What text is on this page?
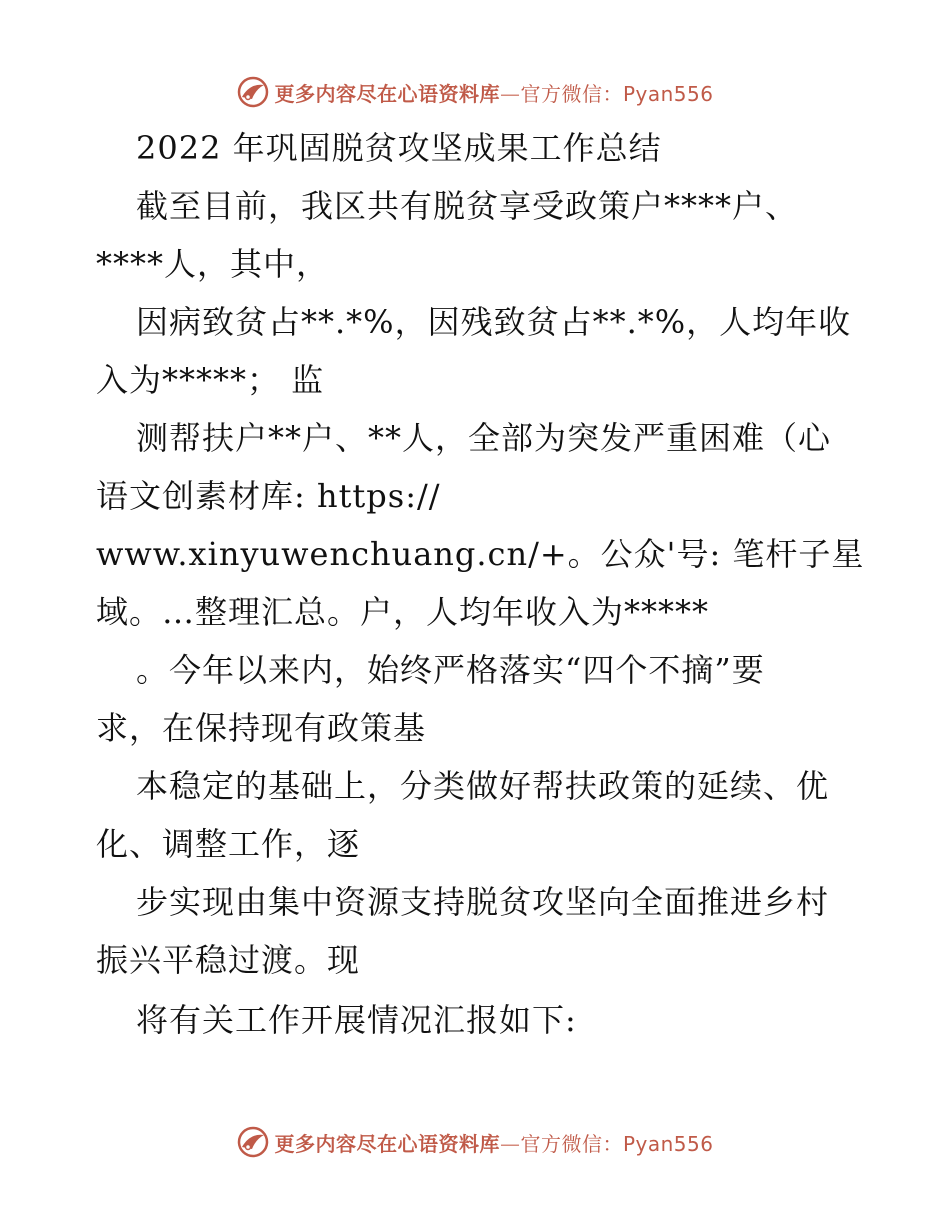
更多内容尽在心语资料库—官方微信：Pyan556
2022 年巩固脱贫攻坚成果工作总结
截至目前，我区共有脱贫享受政策户****户、
****人，其中，
因病致贫占**.*%，因残致贫占**.*%，人均年收
入为*****； 监
测帮扶户**户、**人，全部为突发严重困难（心
语文创素材库: https://
www.xinyuwenchuang.cn/+。公众'号: 笔杆子星
域。…整理汇总。户，人均年收入为*****
。今年以来内，始终严格落实“四个不摘”要
求，在保持现有政策基
本稳定的基础上，分类做好帮扶政策的延续、优
化、调整工作，逐
步实现由集中资源支持脱贫攻坚向全面推进乡村
振兴平稳过渡。现
将有关工作开展情况汇报如下:
更多内容尽在心语资料库—官方微信：Pyan556
